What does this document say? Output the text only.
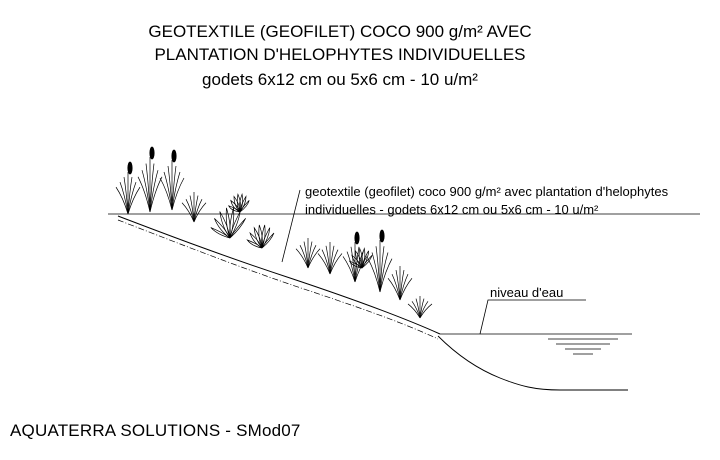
GEOTEXTILE (GEOFILET) COCO 900 g/m² AVEC
PLANTATION D'HELOPHYTES INDIVIDUELLES
godets 6x12 cm ou 5x6 cm - 10 u/m²
geotextile (geofilet) coco 900 g/m² avec plantation d'helophytes
individuelles - godets 6x12 cm ou 5x6 cm - 10 u/m²
niveau d'eau
AQUATERRA SOLUTIONS - SMod07
